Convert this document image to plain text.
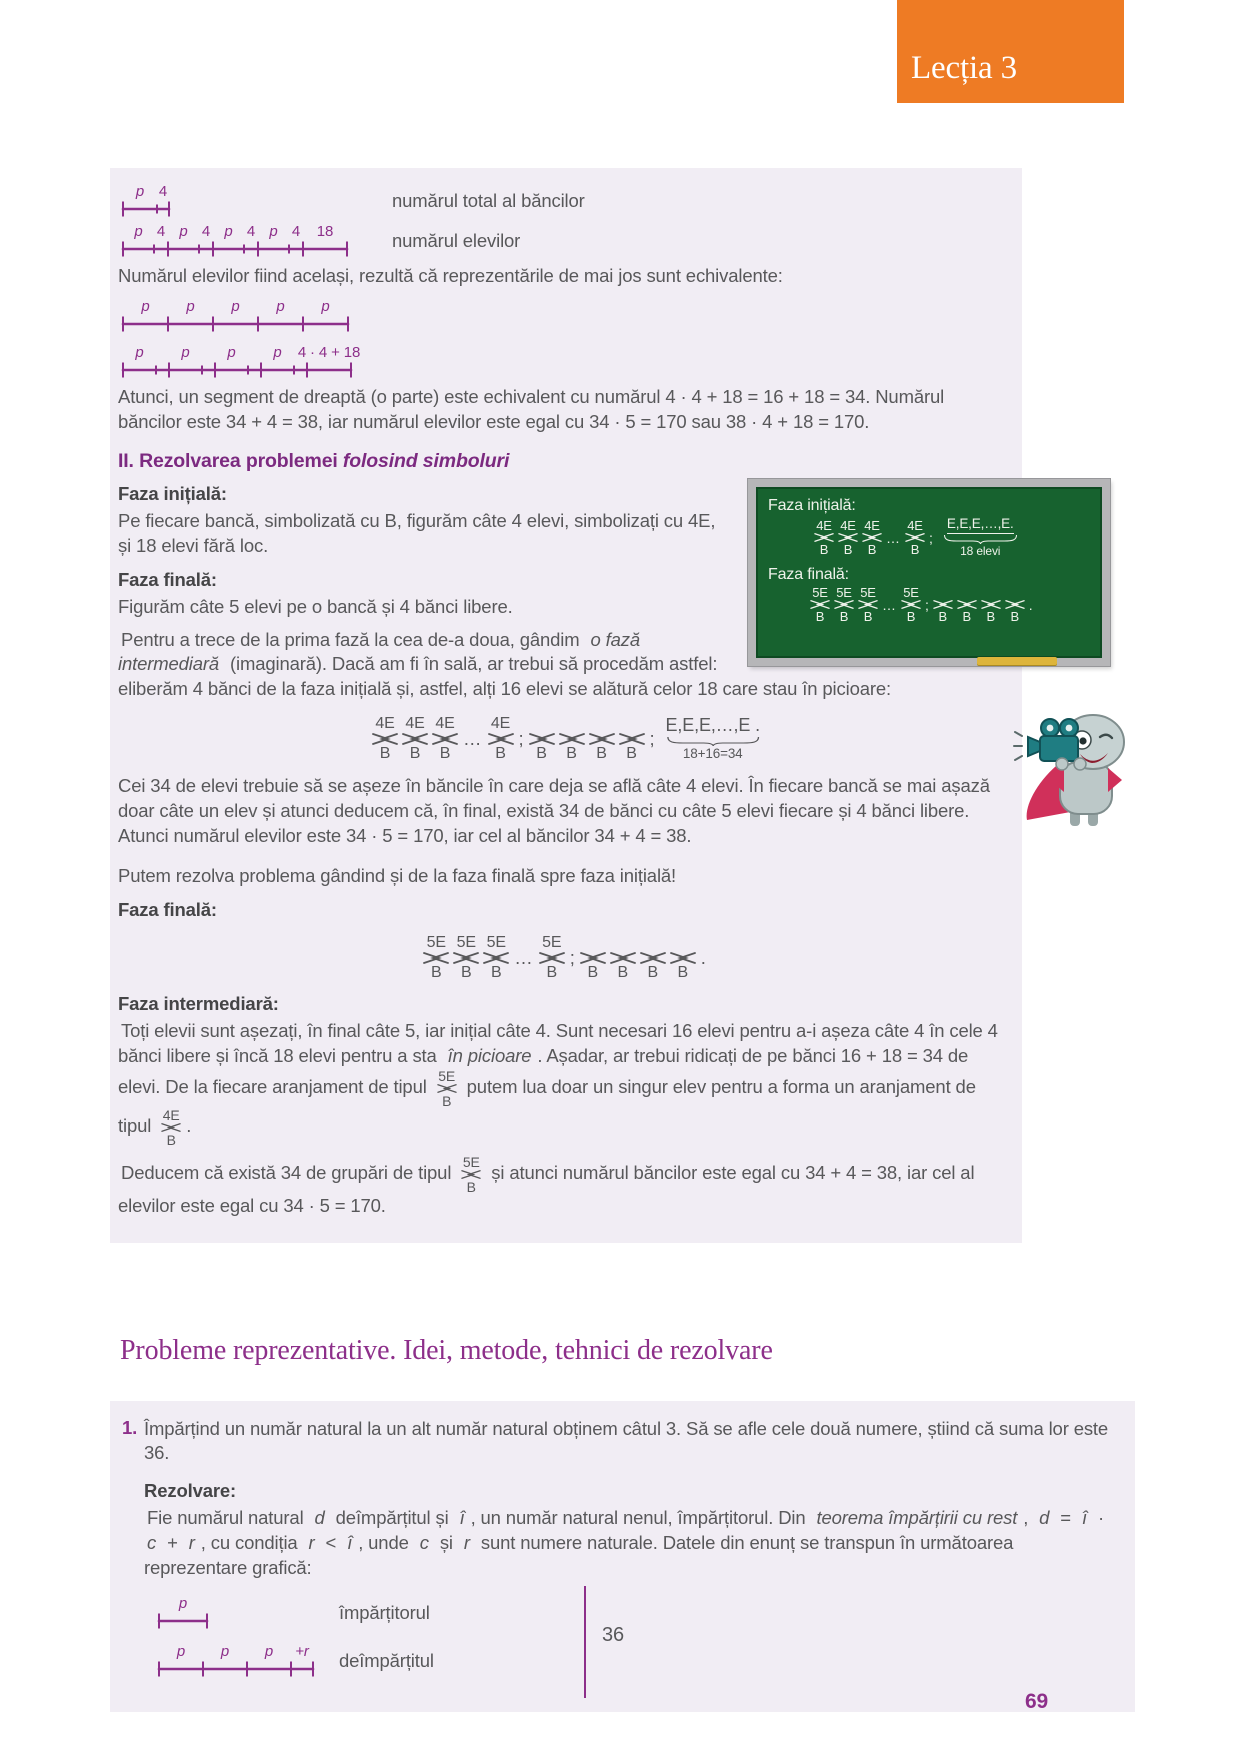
Lecția 3
p 4	numărul total al băncilor
p 4 p 4 p 4 p 4 18	numărul elevilor

Numărul elevilor fiind același, rezultă că reprezentările de mai jos sunt echivalente:

p p p p p
p	p	p	p 4 · 4 + 18

Atunci, un segment de dreaptă (o parte) este echivalent cu numărul 4 · 4 + 18 = 16 + 18 = 34. Numărul băncilor este 34 + 4 = 38, iar numărul elevilor este egal cu 34 · 5 = 170 sau 38 · 4 + 18 = 170.

II. Rezolvarea problemei folosind simboluri

Faza inițială:
4E
B
4E
B
4E
B
…
4E
B
;
E,E,E,…,E.
18 elevi
Faza finală:
5E
B
5E
B
5E
B
…
5E
B
;
B B B B
.

Faza inițială:

Pe fiecare bancă, simbolizată cu B, figurăm câte 4 elevi, simbolizați cu 4E, și 18 elevi fără loc.

Faza finală:

Figurăm câte 5 elevi pe o bancă și 4 bănci libere.

Pentru a trece de la prima fază la cea de-a doua, gândim o fază intermediară (imaginară). Dacă am fi în sală, ar trebui să procedăm astfel: eliberăm 4 bănci de la faza inițială și, astfel, alți 16 elevi se alătură celor 18 care stau în picioare:

4E
B
4E
B
4E
B
…
4E
B
;
B B B B
;
E,E,E,…,E .
18+16=34

Cei 34 de elevi trebuie să se așeze în băncile în care deja se află câte 4 elevi. În fiecare bancă se mai așază doar câte un elev și atunci deducem că, în final, există 34 de bănci cu câte 5 elevi fiecare și 4 bănci libere. Atunci numărul elevilor este 34 · 5 = 170, iar cel al băncilor 34 + 4 = 38.

Putem rezolva problema gândind și de la faza finală spre faza inițială!

Faza finală:

5E
B
5E
B
5E
B
…
5E
B
;
B B B B
.

Faza intermediară:

Toți elevii sunt așezați, în final câte 5, iar inițial câte 4. Sunt necesari 16 elevi pentru a-i așeza câte 4 în cele 4 bănci libere și încă 18 elevi pentru a sta în picioare . Așadar, ar trebui ridicați de pe bănci 16 + 18 = 34 de elevi. De la fiecare aranjament de tipul
5E
B
putem lua doar un singur elev pentru a forma un aranjament de tipul
4E
B
.

Deducem că există 34 de grupări de tipul
5E
B
și atunci numărul băncilor este egal cu 34 + 4 = 38, iar cel al elevilor este egal cu 34 · 5 = 170.

Probleme reprezentative. Idei, metode, tehnici de rezolvare
1. Împărțind un număr natural la un alt număr natural obținem câtul 3. Să se afle cele două numere, știind că suma lor este 36.

Rezolvare:

Fie numărul natural d deîmpărțitul și î , un număr natural nenul, împărțitorul. Din teorema împărțirii cu rest , d = î · c + r , cu condiția r < î , unde c și r sunt numere naturale. Datele din enunț se transpun în următoarea reprezentare grafică:

p	împărțitorul
p p p +r deîmpărțitul
36
69
